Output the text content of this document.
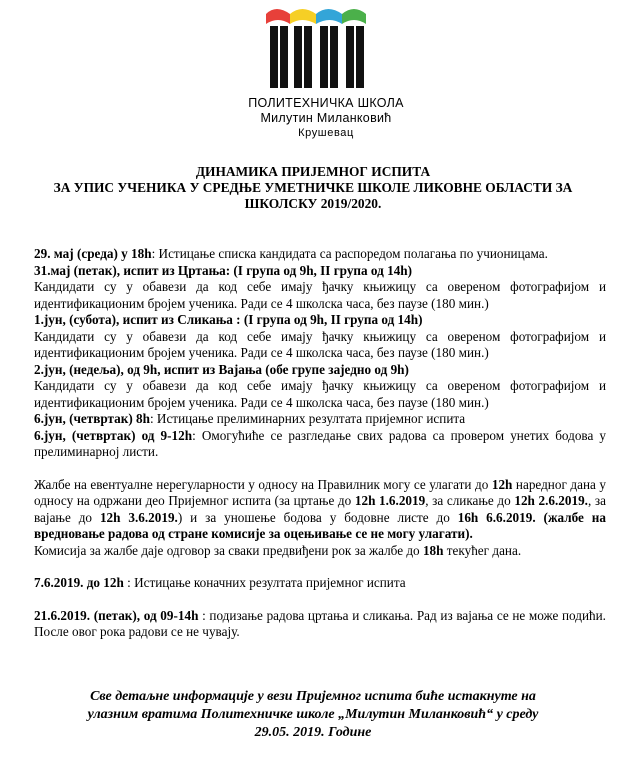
ПОЛИТЕХНИЧКА ШКОЛА
Милутин Миланковић
Крушевац
ДИНАМИКА ПРИЈЕМНОГ ИСПИТА
ЗА УПИС УЧЕНИКА У СРЕДЊЕ УМЕТНИЧКЕ ШКОЛЕ ЛИКОВНЕ ОБЛАСТИ ЗА
ШКОЛСКУ 2019/2020.

29. мај (среда) у 18h: Истицање списка кандидата са распоредом полагања по учионицама.

31.мај (петак), испит из Цртања: (I група од 9h, II група од 14h)

Кандидати су у обавези да код себе имају ђачку књижицу са овереном фотографијом и идентификационим бројем ученика. Ради се 4 школска часа, без паузе (180 мин.)

1.јун, (субота), испит из Сликања : (I група од 9h, II група од 14h)

Кандидати су у обавези да код себе имају ђачку књижицу са овереном фотографијом и идентификационим бројем ученика. Ради се 4 школска часа, без паузе (180 мин.)

2.јун, (недеља), од 9h, испит из Вајања (обе групе заједно од 9h)

Кандидати су у обавези да код себе имају ђачку књижицу са овереном фотографијом и идентификационим бројем ученика. Ради се 4 школска часа, без паузе (180 мин.)

6.јун, (четвртак) 8h: Истицање прелиминарних резултата пријемног испита

6.јун, (четвртак) од 9-12h: Омогућиће се разгледање свих радова са провером унетих бодова у прелиминарној листи.

Жалбе на евентуалне нерегуларности у односу на Правилник могу се улагати до 12h наредног дана у односу на одржани део Пријемног испита (за цртање до 12h 1.6.2019, за сликање до 12h 2.6.2019., за вајање до 12h 3.6.2019.) и за уношење бодова у бодовне листе до 16h 6.6.2019. (жалбе на вредновање радова од стране комисије за оцењивање се не могу улагати).

Комисија за жалбе даје одговор за сваки предвиђени рок за жалбе до 18h текућег дана.

7.6.2019. до 12h : Истицање коначних резултата пријемног испита

21.6.2019. (петак), од 09-14h : подизање радова цртања и сликања. Рад из вајања се не може подићи. После овог рока радови се не чувају.

Све детаљне информације у вези Пријемног испита биће истакнуте на
улазним вратима Политехничке школе „Милутин Миланковић“ у среду
29.05. 2019. Године
